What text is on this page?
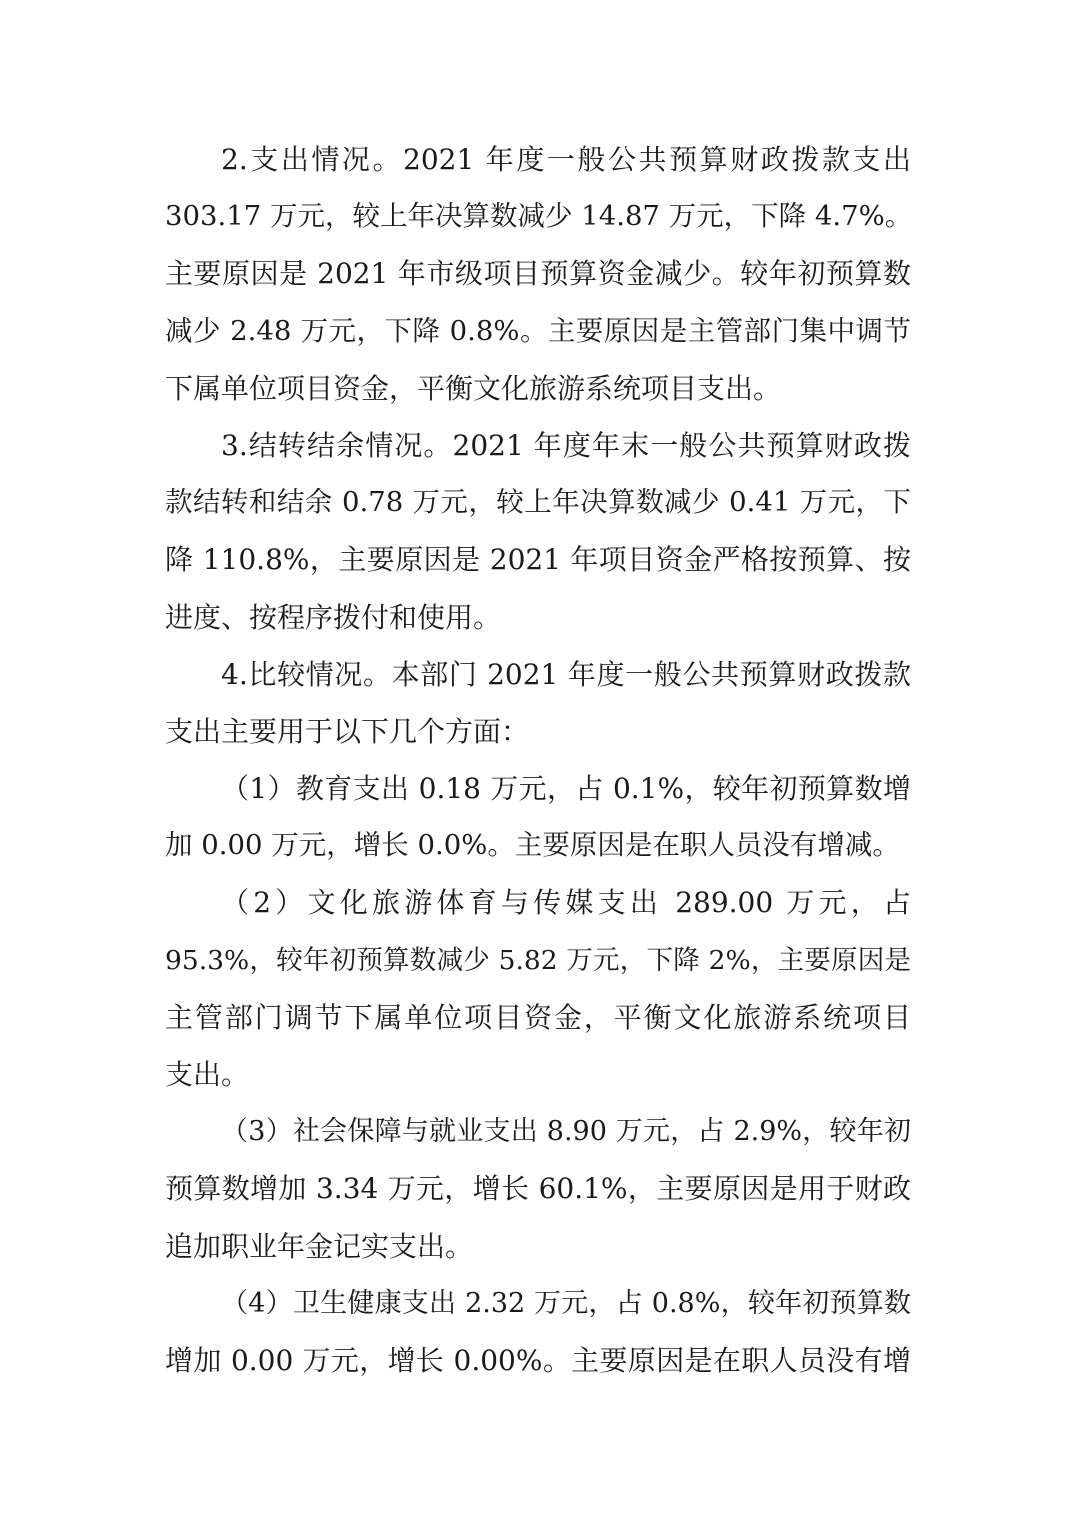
2.支出情况。2021 年度一般公共预算财政拨款支出
303.17 万元，较上年决算数减少 14.87 万元，下降 4.7%。
主要原因是 2021 年市级项目预算资金减少。较年初预算数
减少 2.48 万元，下降 0.8%。主要原因是主管部门集中调节
下属单位项目资金，平衡文化旅游系统项目支出。
3.结转结余情况。2021 年度年末一般公共预算财政拨
款结转和结余 0.78 万元，较上年决算数减少 0.41 万元，下
降 110.8%，主要原因是 2021 年项目资金严格按预算、按
进度、按程序拨付和使用。
4.比较情况。本部门 2021 年度一般公共预算财政拨款
支出主要用于以下几个方面：
（1）教育支出 0.18 万元，占 0.1%，较年初预算数增
加 0.00 万元，增长 0.0%。主要原因是在职人员没有增减。
（2）文化旅游体育与传媒支出 289.00 万元，占
95.3%，较年初预算数减少 5.82 万元，下降 2%，主要原因是
主管部门调节下属单位项目资金，平衡文化旅游系统项目
支出。
（3）社会保障与就业支出 8.90 万元，占 2.9%，较年初
预算数增加 3.34 万元，增长 60.1%，主要原因是用于财政
追加职业年金记实支出。
（4）卫生健康支出 2.32 万元，占 0.8%，较年初预算数
增加 0.00 万元，增长 0.00%。主要原因是在职人员没有增
